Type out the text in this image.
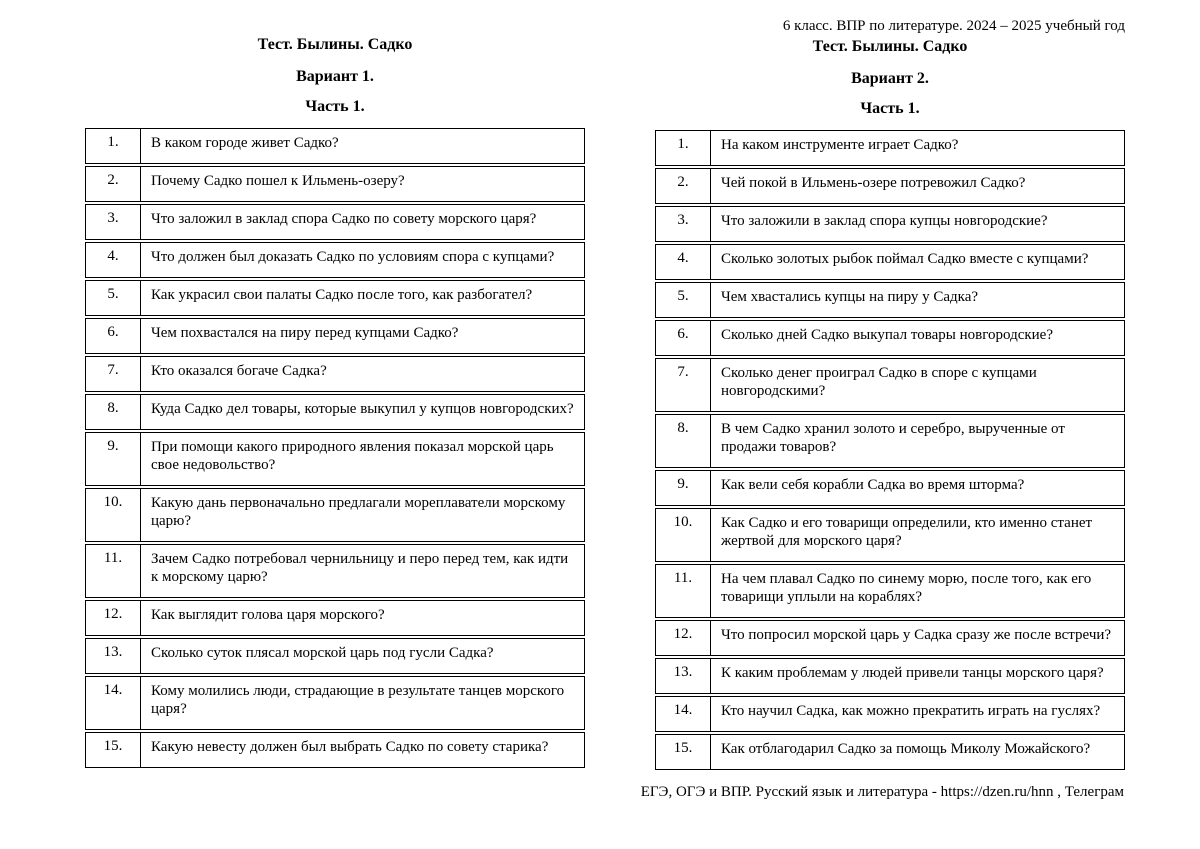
Тест. Былины. Садко
Вариант 1.
Часть 1.
1.	В каком городе живет Садко?
2.	Почему Садко пошел к Ильмень-озеру?
3.	Что заложил в заклад спора Садко по совету морского царя?
4.	Что должен был доказать Садко по условиям спора с купцами?
5.	Как украсил свои палаты Садко после того, как разбогател?
6.	Чем похвастался на пиру перед купцами Садко?
7.	Кто оказался богаче Садка?
8.	Куда Садко дел товары, которые выкупил у купцов новгородских?
9.	При помощи какого природного явления показал морской царь свое недовольство?
10.	Какую дань первоначально предлагали мореплаватели морскому царю?
11.	Зачем Садко потребовал чернильницу и перо перед тем, как идти к морскому царю?
12.	Как выглядит голова царя морского?
13.	Сколько суток плясал морской царь под гусли Садка?
14.	Кому молились люди, страдающие в результате танцев морского царя?
15.	Какую невесту должен был выбрать Садко по совету старика?
6 класс. ВПР по литературе. 2024 – 2025 учебный год
Тест. Былины. Садко
Вариант 2.
Часть 1.
1.	На каком инструменте играет Садко?
2.	Чей покой в Ильмень-озере потревожил Садко?
3.	Что заложили в заклад спора купцы новгородские?
4.	Сколько золотых рыбок поймал Садко вместе с купцами?
5.	Чем хвастались купцы на пиру у Садка?
6.	Сколько дней Садко выкупал товары новгородские?
7.	Сколько денег проиграл Садко в споре с купцами новгородскими?
8.	В чем Садко хранил золото и серебро, вырученные от продажи товаров?
9.	Как вели себя корабли Садка во время шторма?
10.	Как Садко и его товарищи определили, кто именно станет жертвой для морского царя?
11.	На чем плавал Садко по синему морю, после того, как его товарищи уплыли на кораблях?
12.	Что попросил морской царь у Садка сразу же после встречи?
13.	К каким проблемам у людей привели танцы морского царя?
14.	Кто научил Садка, как можно прекратить играть на гуслях?
15.	Как отблагодарил Садко за помощь Миколу Можайского?
ЕГЭ, ОГЭ и ВПР. Русский язык и литература - https://dzen.ru/hnn , Телеграм
